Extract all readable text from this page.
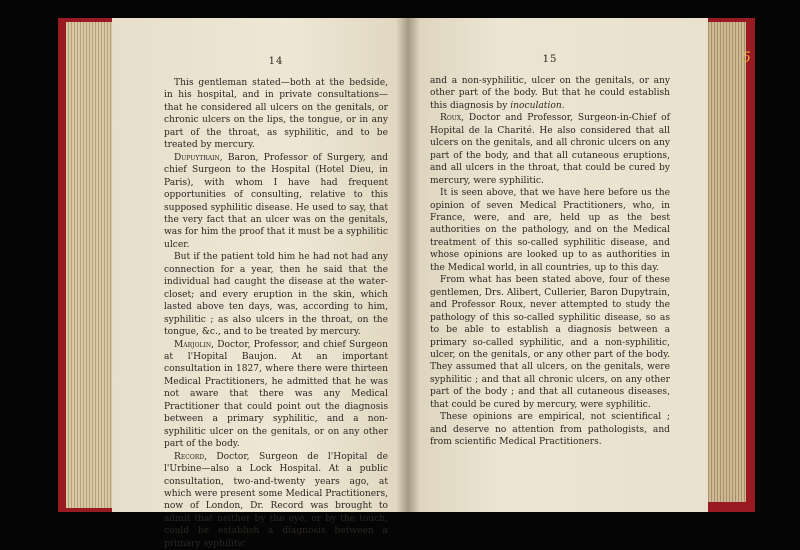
5

14

This gentleman stated—both at the bedside, in his hospital, and in private consultations—that he considered all ulcers on the genitals, or chronic ulcers on the lips, the tongue, or in any part of the throat, as syphilitic, and to be treated by mercury.

Dupuytrain, Baron, Professor of Surgery, and chief Surgeon to the Hospital (Hotel Dieu, in Paris), with whom I have had frequent opportunities of consulting, relative to this supposed syphilitic disease. He used to say, that the very fact that an ulcer was on the genitals, was for him the proof that it must be a syphilitic ulcer.

But if the patient told him he had not had any connection for a year, then he said that the individual had caught the disease at the water-closet; and every eruption in the skin, which lasted above ten days, was, according to him, syphilitic ; as also ulcers in the throat, on the tongue, &c., and to be treated by mercury.

Marjolin, Doctor, Professor, and chief Surgeon at l'Hopital Baujon. At an important consultation in 1827, where there were thirteen Medical Practitioners, he admitted that he was not aware that there was any Medical Practitioner that could point out the diagnosis between a primary syphilitic, and a non-syphilitic ulcer on the genitals, or on any other part of the body.

Record, Doctor, Surgeon de l'Hopital de l'Urbine—also a Lock Hospital. At a public consultation, two-and-twenty years ago, at which were present some Medical Practitioners, now of London, Dr. Record was brought to admit that neither by the eye, or by the touch, could he establish a diagnosis between a primary syphilitic

15

and a non-syphilitic, ulcer on the genitals, or any other part of the body. But that he could establish this diagnosis by inoculation.

Roux, Doctor and Professor, Surgeon-in-Chief of Hopital de la Charité. He also considered that all ulcers on the genitals, and all chronic ulcers on any part of the body, and that all cutaneous eruptions, and all ulcers in the throat, that could be cured by mercury, were syphilitic.

It is seen above, that we have here before us the opinion of seven Medical Practitioners, who, in France, were, and are, held up as the best authorities on the pathology, and on the Medical treatment of this so-called syphilitic disease, and whose opinions are looked up to as authorities in the Medical world, in all countries, up to this day.

From what has been stated above, four of these gentlemen, Drs. Alibert, Cullerier, Baron Dupytrain, and Professor Roux, never attempted to study the pathology of this so-called syphilitic disease, so as to be able to establish a diagnosis between a primary so-called syphilitic, and a non-syphilitic, ulcer, on the genitals, or any other part of the body. They assumed that all ulcers, on the genitals, were syphilitic ; and that all chronic ulcers, on any other part of the body ; and that all cutaneous diseases, that could be cured by mercury, were syphilitic.

These opinions are empirical, not scientifical ; and deserve no attention from pathologists, and from scientific Medical Practitioners.
